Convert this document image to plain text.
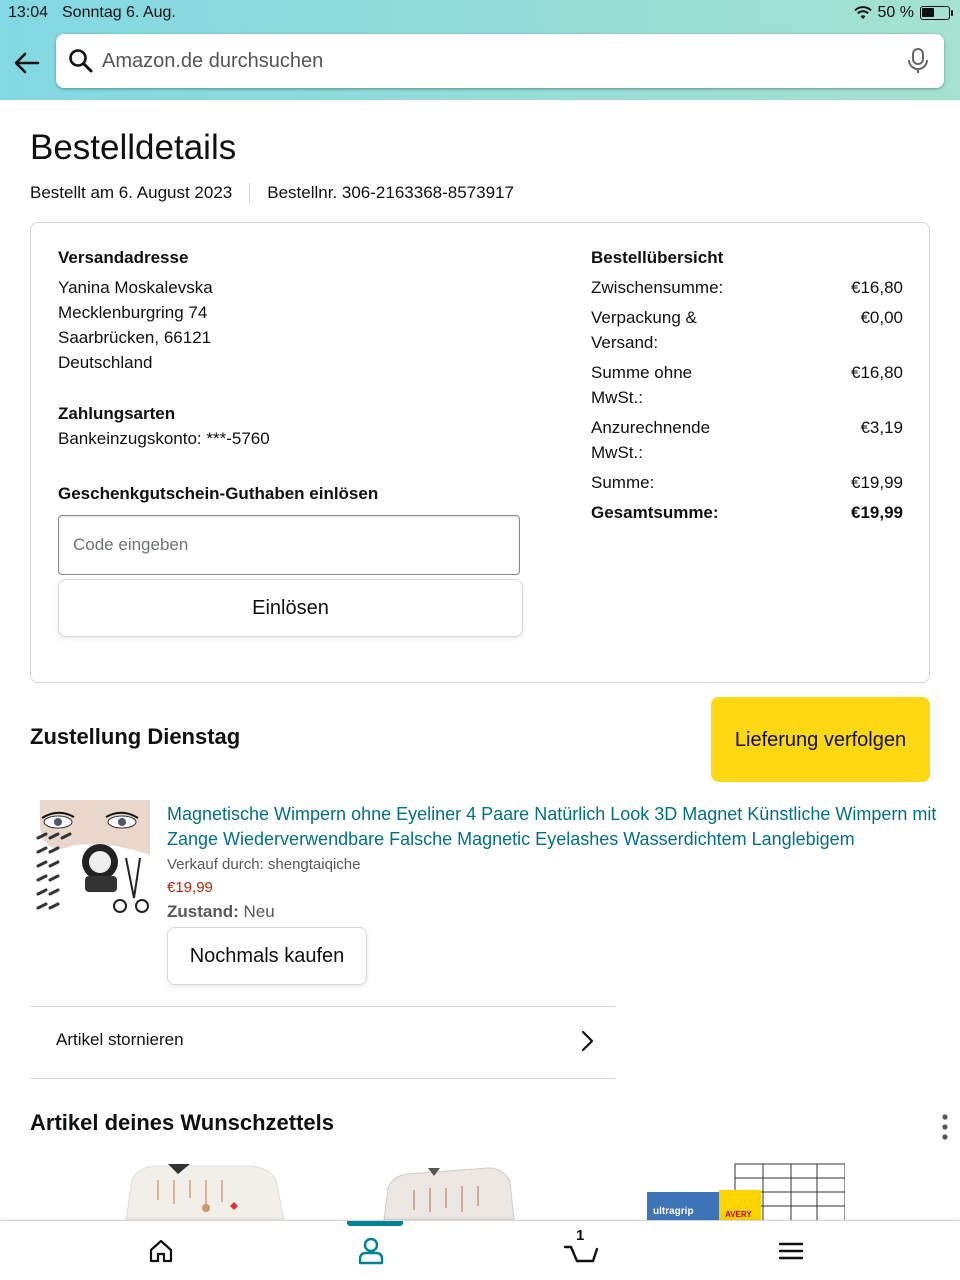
13:04 Sonntag 6. Aug.	50 %
Amazon.de durchsuchen
Bestelldetails
Bestellt am 6. August 2023 Bestellnr. 306-2163368-8573917
Versandadresse
Yanina Moskalevska
Mecklenburgring 74
Saarbrücken, 66121
Deutschland
Zahlungsarten
Bankeinzugskonto: ***-5760
Geschenkgutschein-Guthaben einlösen
Code eingeben
Einlösen
Bestellübersicht
Zwischensumme:	€16,80
Verpackung & Versand:
€0,00
Summe ohne MwSt.:
€16,80
Anzurechnende MwSt.:
€3,19
Summe:	€19,99
Gesamtsumme:	€19,99
Zustellung Dienstag	Lieferung verfolgen
Magnetische Wimpern ohne Eyeliner 4 Paare Natürlich Look 3D Magnet Künstliche Wimpern mit Zange Wiederverwendbare Falsche Magnetic Eyelashes Wasserdichtem Langlebigem
Verkauf durch: shengtaiqiche
€19,99
Zustand: Neu
Nochmals kaufen
Artikel stornieren
Artikel deines Wunschzettels
ultragrip	AVERY
1
